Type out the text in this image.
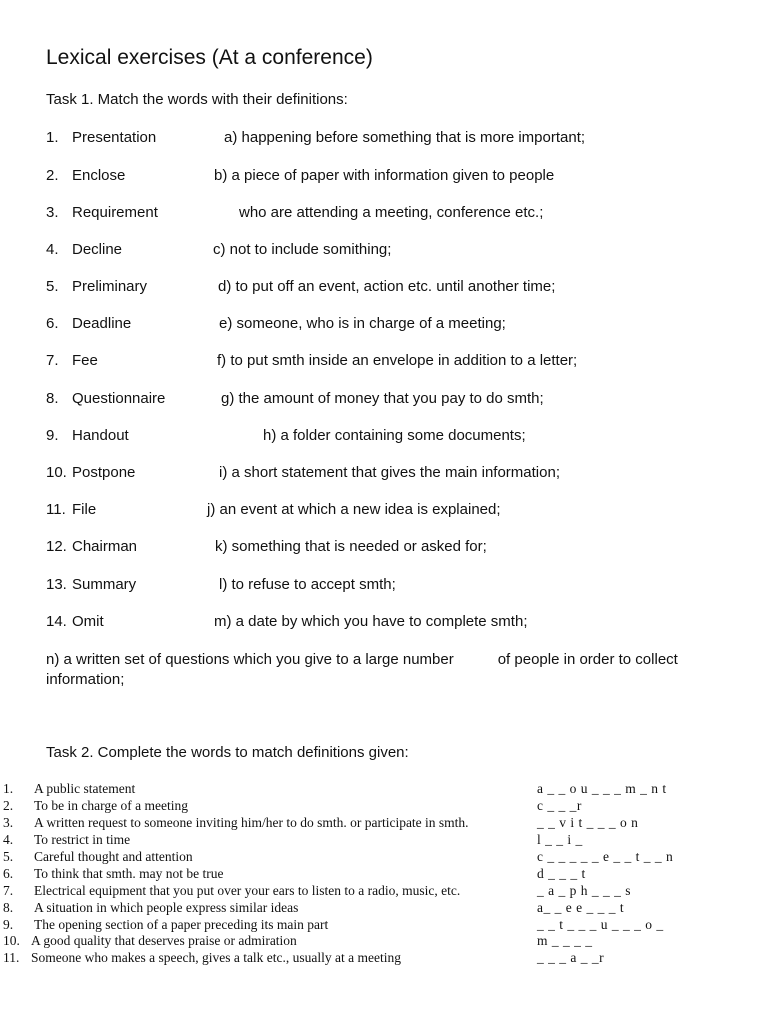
Lexical exercises (At a conference)
Task 1. Match the words with their definitions:
1. Presentation	a) happening before something that is more important;
2. Enclose	b) a piece of paper with information given to people
3. Requirement	who are attending a meeting, conference etc.;
4. Decline	c) not to include somithing;
5. Preliminary	d) to put off an event, action etc. until another time;
6. Deadline	e) someone, who is in charge of a meeting;
7. Fee	f) to put smth inside an envelope in addition to a letter;
8. Questionnaire	g) the amount of money that you pay to do smth;
9. Handout	h) a folder containing some documents;
10. Postpone	i) a short statement that gives the main information;
11. File	j) an event at which a new idea is explained;
12. Chairman	k) something that is needed or asked for;
13. Summary	l) to refuse to accept smth;
14. Omit	m) a date by which you have to complete smth;
n) a written set of questions which you give to a large number	of people in order to collect information;
Task 2. Complete the words to match definitions given:
1. A public statement	a _ _ o u _ _ _ m _ n t
2. To be in charge of a meeting	c _ _ _r
3. A written request to someone inviting him/her to do smth. or participate in smth.	_ _ v i t _ _ _ o n
4. To restrict in time	l _ _ i _
5. Careful thought and attention	c _ _ _ _ _ e _ _ t _ _ n
6. To think that smth. may not be true	d _ _ _ t
7. Electrical equipment that you put over your ears to listen to a radio, music, etc.	_ a _ p h _ _ _ s
8. A situation in which people express similar ideas	a_ _ e e _ _ _ t
9. The opening section of a paper preceding its main part	_ _ t _ _ _ u _ _ _ o _
10. A good quality that deserves praise or admiration	m _ _ _ _
11. Someone who makes a speech, gives a talk etc., usually at a meeting	_ _ _ a _ _r
